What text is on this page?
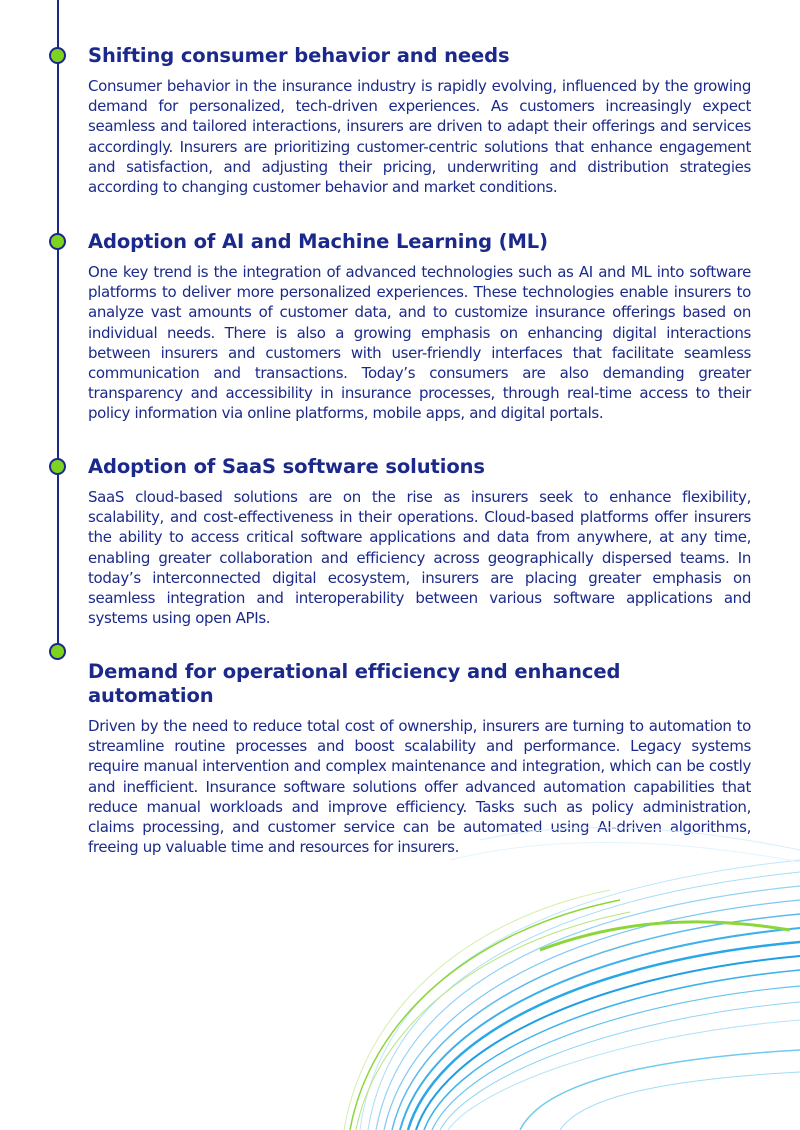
Shifting consumer behavior and needs

Consumer behavior in the insurance industry is rapidly evolving, influenced by the growing demand for personalized, tech-driven experiences. As customers increasingly expect seamless and tailored interactions, insurers are driven to adapt their offerings and services accordingly. Insurers are prioritizing customer-centric solutions that enhance engagement and satisfaction, and adjusting their pricing, underwriting and distribution strategies according to changing customer behavior and market conditions.

Adoption of AI and Machine Learning (ML)

One key trend is the integration of advanced technologies such as AI and ML into software platforms to deliver more personalized experiences. These technologies enable insurers to analyze vast amounts of customer data, and to customize insurance offerings based on individual needs. There is also a growing emphasis on enhancing digital interactions between insurers and customers with user-friendly interfaces that facilitate seamless communication and transactions. Today’s consumers are also demanding greater transparency and accessibility in insurance processes, through real-time access to their policy information via online platforms, mobile apps, and digital portals.

Adoption of SaaS software solutions

SaaS cloud-based solutions are on the rise as insurers seek to enhance flexibility, scalability, and cost-effectiveness in their operations. Cloud-based platforms offer insurers the ability to access critical software applications and data from anywhere, at any time, enabling greater collaboration and efficiency across geographically dispersed teams. In today’s interconnected digital ecosystem, insurers are placing greater emphasis on seamless integration and interoperability between various software applications and systems using open APIs.

Demand for operational efficiency and enhanced automation

Driven by the need to reduce total cost of ownership, insurers are turning to automation to streamline routine processes and boost scalability and performance. Legacy systems require manual intervention and complex maintenance and integration, which can be costly and inefficient. Insurance software solutions offer advanced automation capabilities that reduce manual workloads and improve efficiency. Tasks such as policy administration, claims processing, and customer service can be automated using AI-driven algorithms, freeing up valuable time and resources for insurers.
